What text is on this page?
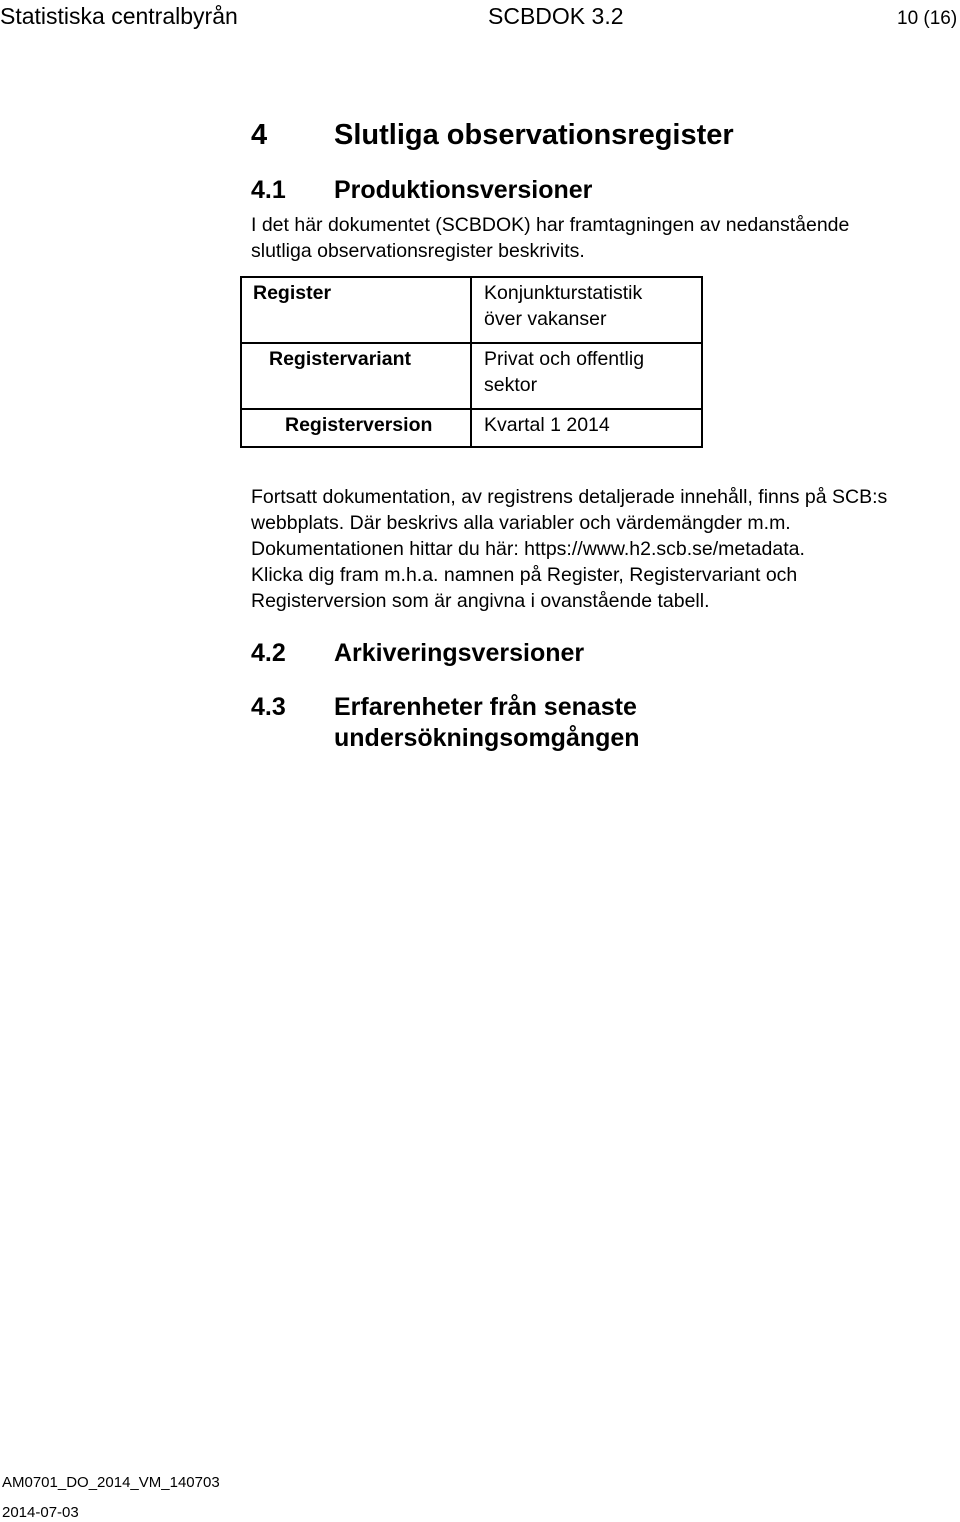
Statistiska centralbyrån	SCBDOK 3.2	10 (16)
4 Slutliga observationsregister
4.1 Produktionsversioner
I det här dokumentet (SCBDOK) har framtagningen av nedanstående
slutliga observationsregister beskrivits.
Register	Konjunkturstatistik över vakanser

Registervariant	Privat och offentlig sektor

Registerversion	Kvartal 1 2014
Fortsatt dokumentation, av registrens detaljerade innehåll, finns på SCB:s
webbplats. Där beskrivs alla variabler och värdemängder m.m.
Dokumentationen hittar du här: https://www.h2.scb.se/metadata.
Klicka dig fram m.h.a. namnen på Register, Registervariant och
Registerversion som är angivna i ovanstående tabell.
4.2 Arkiveringsversioner
4.3 Erfarenheter från senaste
undersökningsomgången
AM0701_DO_2014_VM_140703
2014-07-03
